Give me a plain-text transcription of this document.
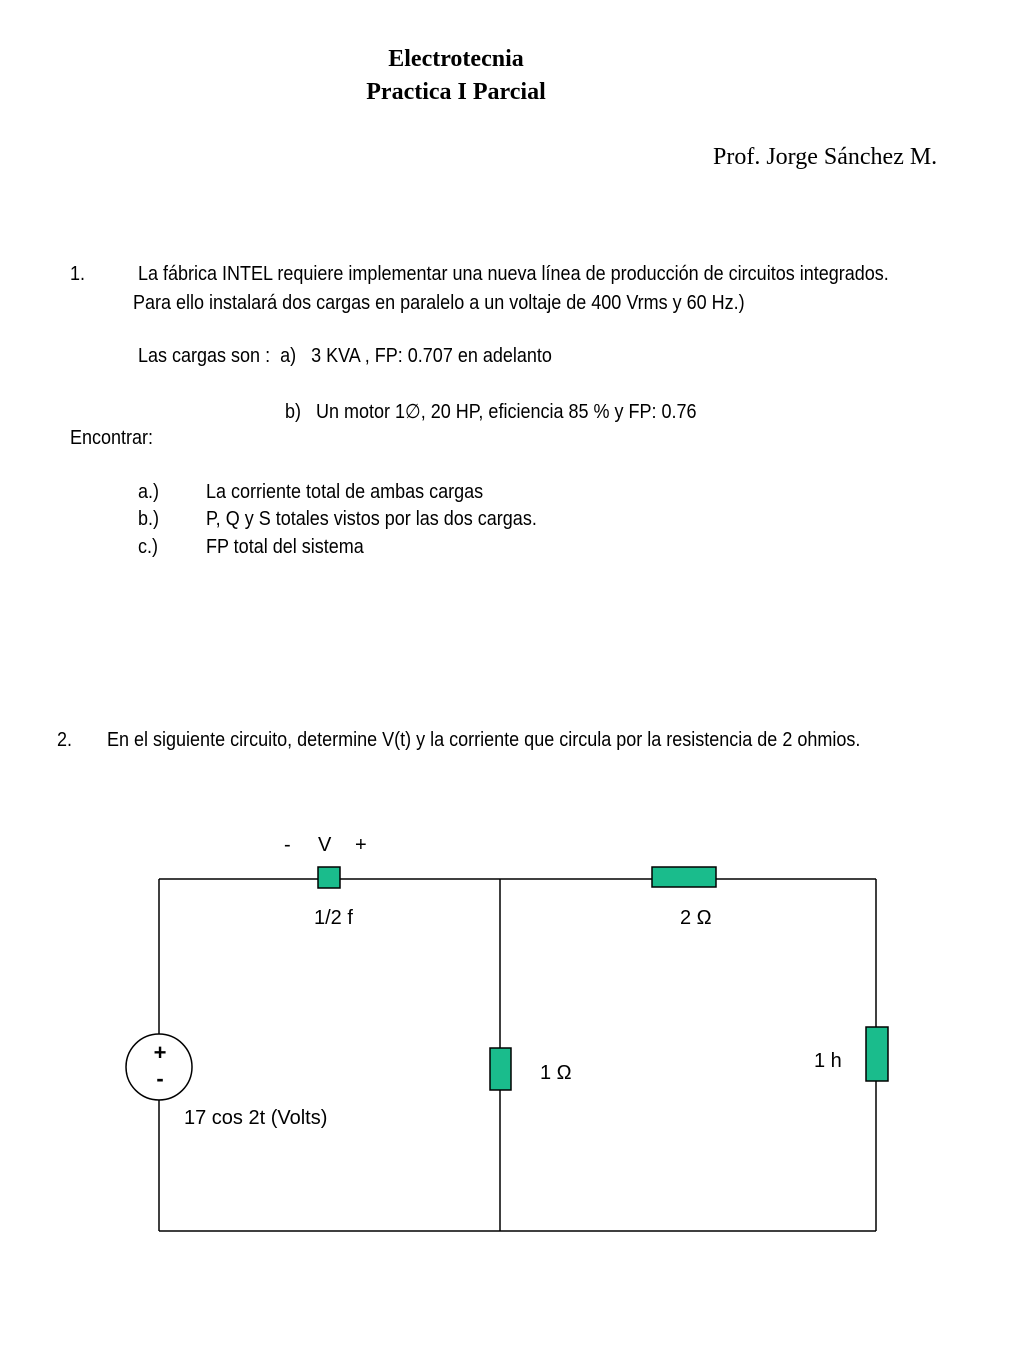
Electrotecnia
Practica I Parcial
Prof. Jorge Sánchez M.
1.	La fábrica INTEL requiere implementar una nueva línea de producción de circuitos integrados.
Para ello instalará dos cargas en paralelo a un voltaje de 400 Vrms y 60 Hz.)
Las cargas son :  a)   3 KVA , FP: 0.707 en adelanto
b)   Un motor 1∅, 20 HP, eficiencia 85 % y FP: 0.76
Encontrar:
a.) La corriente total de ambas cargas
b.) P, Q y S totales vistos por las dos cargas.
c.) FP total del sistema
2. En el siguiente circuito, determine V(t) y la corriente que circula por la resistencia de 2 ohmios.
- V +
1/2 f	2 Ω
1 Ω
1 h
17 cos 2t (Volts)
+
-
